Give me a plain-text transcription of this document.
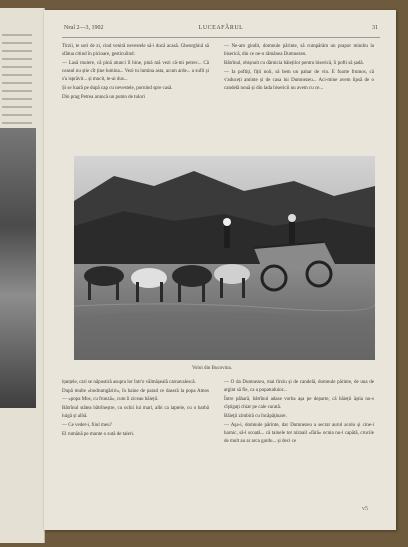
Nrul 2—3, 1902	LUCEAFĂRUL	31

Tirzii, te sori de zi, cind veniră nevestele să-i ducă acasă. Gheorghiul să sfătua citind în picioare, gesticulind:

— Lasă muiere, că pină atunci îl bine, pină mă vezi că-mi petrec... Că ceasul nu știe cît ține lumina... Vezi tu lumina asta, acum arde... a sufli și s'a isprăvit... și mucit, te-ai dus...

Și se luară pe după cap cu nevestele, pornind spre casă.

Din prag Petrea aruncă un pumn de tulori

— Ne-am gindit, domnule părinte, să cumpărăm un prapor mindru la biserică, din ce ne-o rămânea Dumnezeu.

Bătrînul, obișnuit cu dărnicia băieților pentru biserică, îi pofti să șadă.

— Ia poftiți, fiții noii, să bem un pahar de vin. E foarte frumos, că v'aduceți aminte și de casa lui Dumnezeu... Aci-mine avem lipsă de o candelă nouă și din lada bisericii nu avem cu ce...

Voloi din Bucovina.

ițanțele, cari se năpustiră asupra lor într'o vălmășeală carnavalescă.

După multe «bodrumgăriri», în haine de parad ce daseră la popa Amos — «popa Mos, cu frunză», cum îi ziceau băieții.

Bătrînul stătea bătrîneștre, cu ochii lui mari, albi ca laptele, cu o barbă luigă și albă.

— Ce vedet-i, fiiul meu?

El rumănă pe munte o sută de taleri.

— O da Dumnezeu, mai tîrziu și de candelă, domnule părinte, de una de argint să fie, ca a popatuduior...

Între păhară, bătrînul adase vorba aşa pe departe, că băieții ăştia nu-s cîştigaţi chiar pe cale curată.

Băieţii zimbiră cu încăpăţinare.

— Aşa-i, domnule părinte, dar Dumnezeu a secrat aurul acolo și cine-i harnic, să-l scoată... că tainele tot niznail «fără» ocnia nu-l capătă, crucile de mult au ar arca gardu... și deci ce

v5
